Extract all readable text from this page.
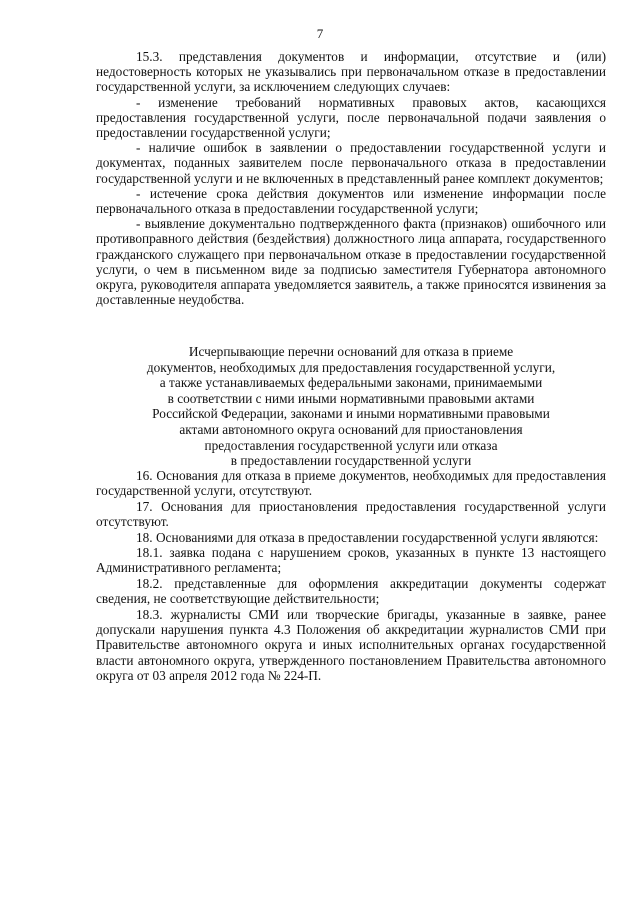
7

15.3. представления документов и информации, отсутствие и (или) недостоверность которых не указывались при первоначальном отказе в предоставлении государственной услуги, за исключением следующих случаев:

- изменение требований нормативных правовых актов, касающихся предоставления государственной услуги, после первоначальной подачи заявления о предоставлении государственной услуги;

- наличие ошибок в заявлении о предоставлении государственной услуги и документах, поданных заявителем после первоначального отказа в предоставлении государственной услуги и не включенных в представленный ранее комплект документов;

- истечение срока действия документов или изменение информации после первоначального отказа в предоставлении государственной услуги;

- выявление документально подтвержденного факта (признаков) ошибочного или противоправного действия (бездействия) должностного лица аппарата, государственного гражданского служащего при первоначальном отказе в предоставлении государственной услуги, о чем в письменном виде за подписью заместителя Губернатора автономного округа, руководителя аппарата уведомляется заявитель, а также приносятся извинения за доставленные неудобства.

Исчерпывающие перечни оснований для отказа в приеме
документов, необходимых для предоставления государственной услуги,
а также устанавливаемых федеральными законами, принимаемыми
в соответствии с ними иными нормативными правовыми актами
Российской Федерации, законами и иными нормативными правовыми
актами автономного округа оснований для приостановления
предоставления государственной услуги или отказа
в предоставлении государственной услуги

16. Основания для отказа в приеме документов, необходимых для предоставления государственной услуги, отсутствуют.

17. Основания для приостановления предоставления государственной услуги отсутствуют.

18. Основаниями для отказа в предоставлении государственной услуги являются:

18.1. заявка подана с нарушением сроков, указанных в пункте 13 настоящего Административного регламента;

18.2. представленные для оформления аккредитации документы содержат сведения, не соответствующие действительности;

18.3. журналисты СМИ или творческие бригады, указанные в заявке, ранее допускали нарушения пункта 4.3 Положения об аккредитации журналистов СМИ при Правительстве автономного округа и иных исполнительных органах государственной власти автономного округа, утвержденного постановлением Правительства автономного округа от 03 апреля 2012 года № 224-П.
